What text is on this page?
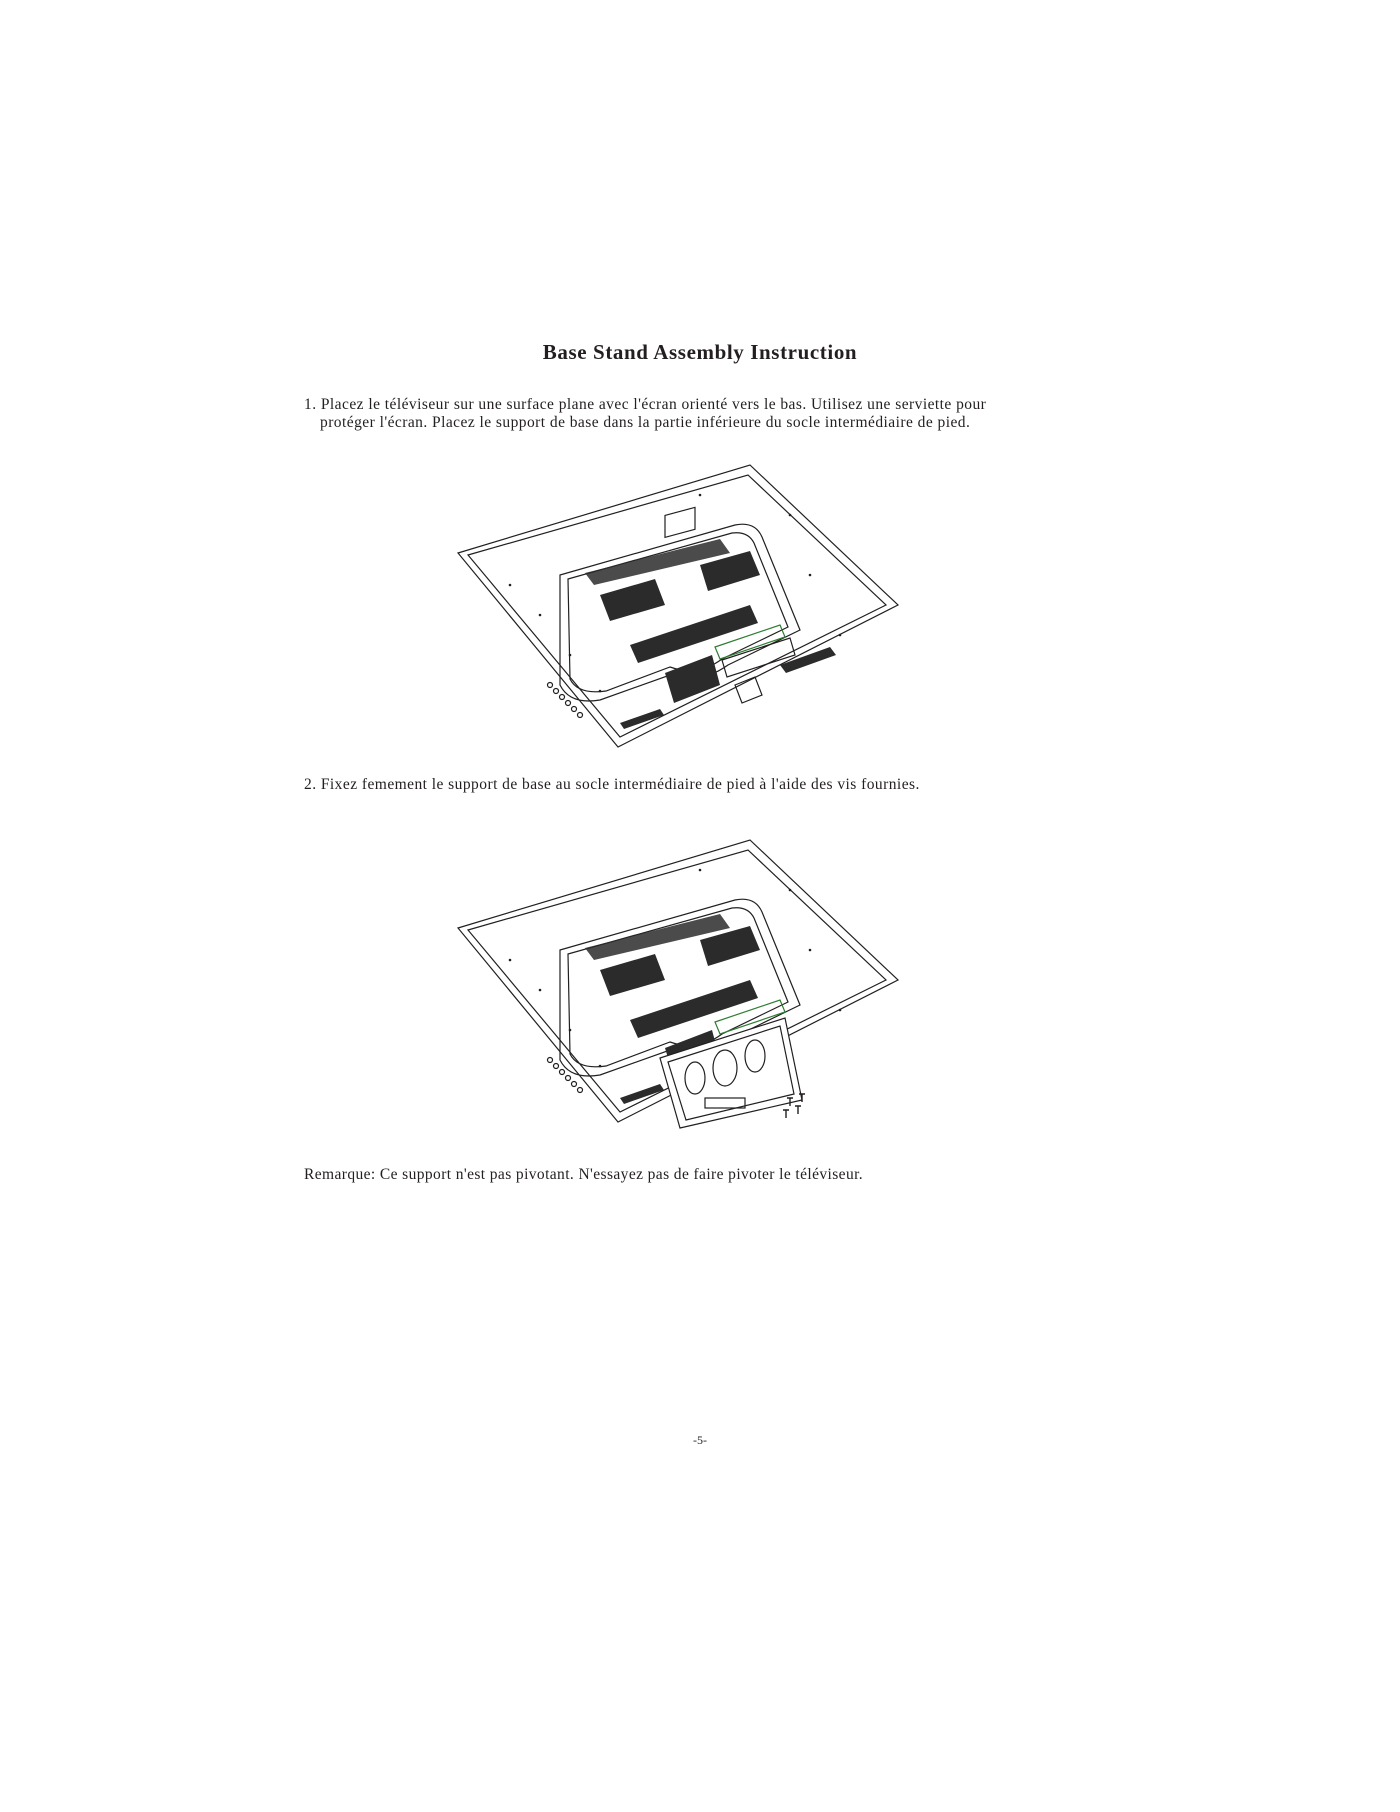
Base Stand Assembly Instruction
1. Placez le téléviseur sur une surface plane avec l'écran orienté vers le bas. Utilisez une serviette pour
protéger l'écran. Placez le support de base dans la partie inférieure du socle intermédiaire de pied.
2. Fixez femement le support de base au socle intermédiaire de pied à l'aide des vis fournies.
Remarque: Ce support n'est pas pivotant. N'essayez pas de faire pivoter le téléviseur.
-5-
